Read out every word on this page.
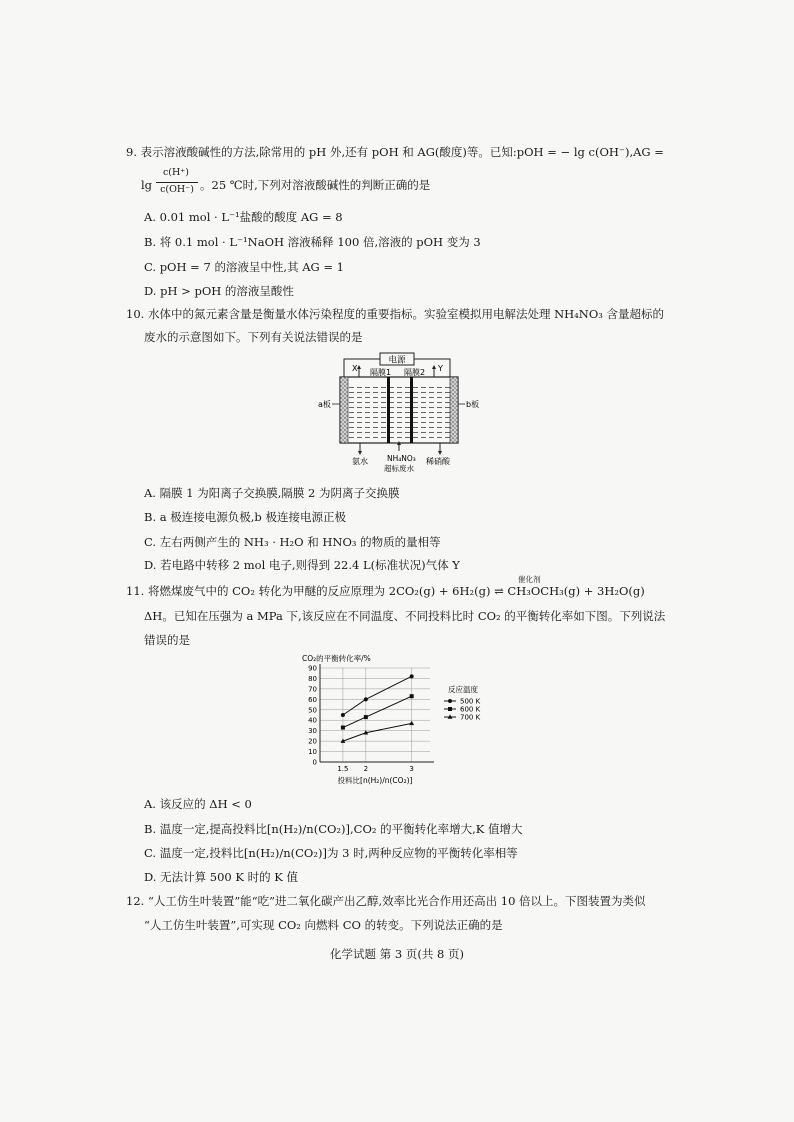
9. 表示溶液酸碱性的方法,除常用的 pH 外,还有 pOH 和 AG(酸度)等。已知:pOH = − lg c(OH⁻),AG =
lg
c(H⁺)
c(OH⁻) 。25 ℃时,下列对溶液酸碱性的判断正确的是
A. 0.01 mol · L⁻¹盐酸的酸度 AG = 8
B. 将 0.1 mol · L⁻¹NaOH 溶液稀释 100 倍,溶液的 pOH 变为 3
C. pOH = 7 的溶液呈中性,其 AG = 1
D. pH > pOH 的溶液呈酸性
10. 水体中的氮元素含量是衡量水体污染程度的重要指标。实验室模拟用电解法处理 NH₄NO₃ 含量超标的
废水的示意图如下。下列有关说法错误的是
电源
X	Y
隔膜1 隔膜2
a板	b板
氨水	NH₄NO₃
超标废水
稀硝酸
A. 隔膜 1 为阳离子交换膜,隔膜 2 为阴离子交换膜
B. a 极连接电源负极,b 极连接电源正极
C. 左右两侧产生的 NH₃ · H₂O 和 HNO₃ 的物质的量相等
D. 若电路中转移 2 mol 电子,则得到 22.4 L(标准状况)气体 Y
11. 将燃煤废气中的 CO₂ 转化为甲醚的反应原理为 2CO₂(g) + 6H₂(g) ⇌ CH₃OCH₃(g) + 3H₂O(g)
催化剂
ΔH。已知在压强为 a MPa 下,该反应在不同温度、不同投料比时 CO₂ 的平衡转化率如下图。下列说法
错误的是
CO₂的平衡转化率/%
0
10
20
30
40
50
60
70
80
90
1.5 2	3
投料比[n(H₂)/n(CO₂)]
反应温度
500 K
600 K
700 K
A. 该反应的 ΔH < 0
B. 温度一定,提高投料比[n(H₂)/n(CO₂)],CO₂ 的平衡转化率增大,K 值增大
C. 温度一定,投料比[n(H₂)/n(CO₂)]为 3 时,两种反应物的平衡转化率相等
D. 无法计算 500 K 时的 K 值
12. “人工仿生叶装置”能“吃”进二氧化碳产出乙醇,效率比光合作用还高出 10 倍以上。下图装置为类似
“人工仿生叶装置”,可实现 CO₂ 向燃料 CO 的转变。下列说法正确的是
化学试题 第 3 页(共 8 页)
